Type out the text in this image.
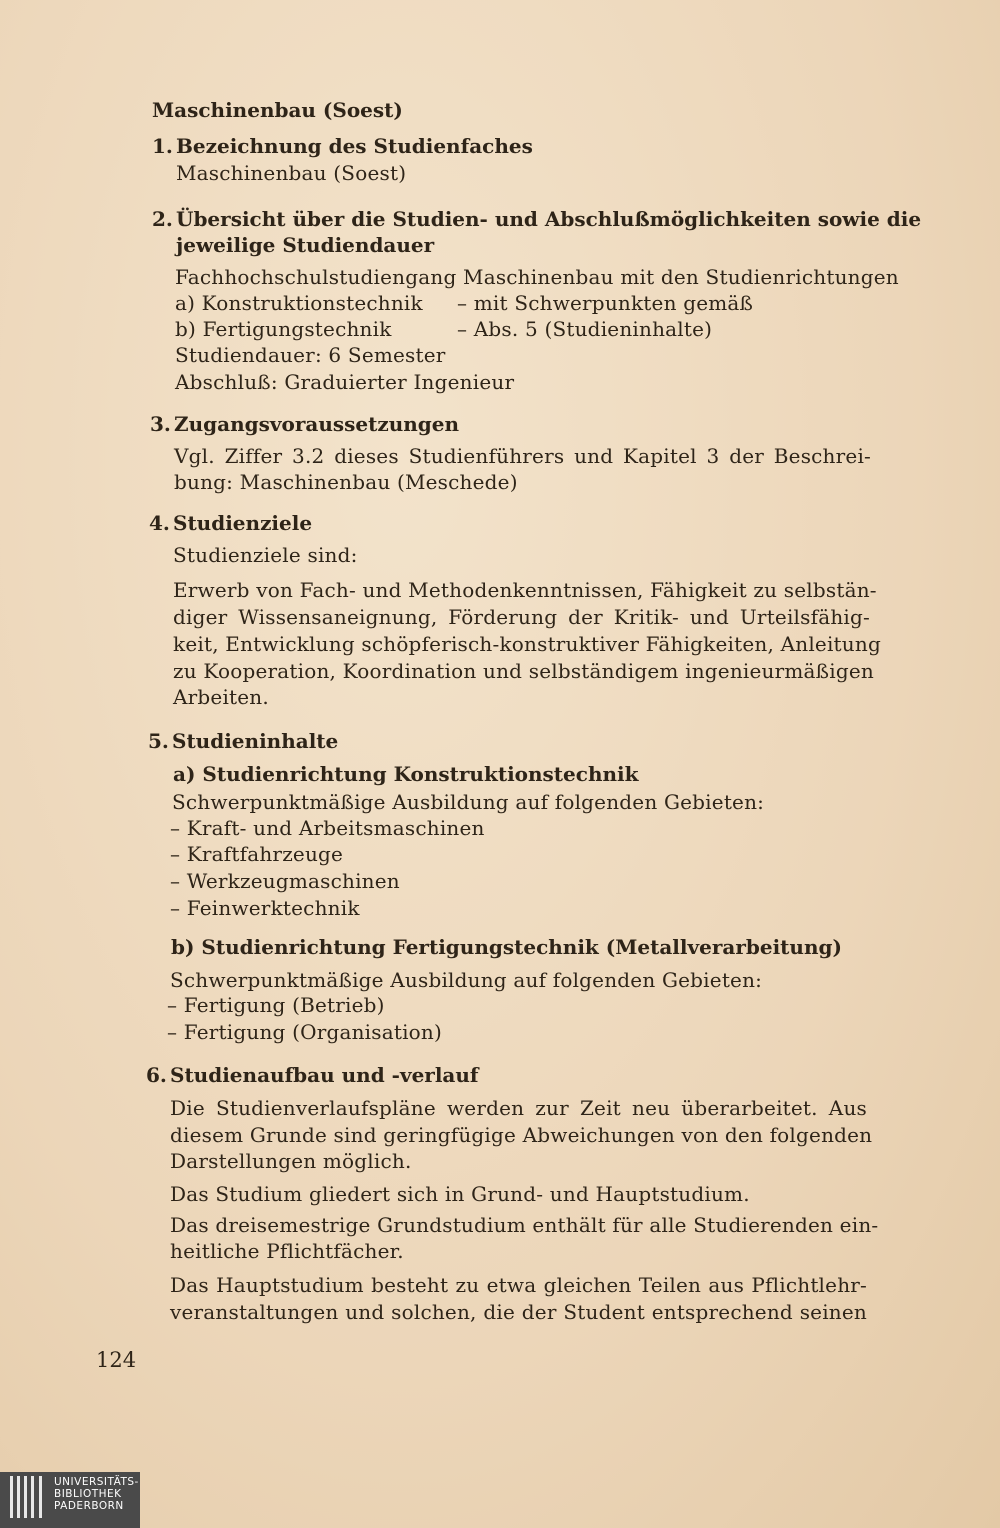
Maschinenbau (Soest)
1. Bezeichnung des Studienfaches
Maschinenbau (Soest)
2. Übersicht über die Studien- und Abschlußmöglichkeiten sowie die
jeweilige Studiendauer
Fachhochschulstudiengang Maschinenbau mit den Studienrichtungen
a) Konstruktionstechnik – mit Schwerpunkten gemäß
b) Fertigungstechnik	– Abs. 5 (Studieninhalte)
Studiendauer: 6 Semester
Abschluß: Graduierter Ingenieur
3. Zugangsvoraussetzungen
Vgl. Ziffer 3.2 dieses Studienführers und Kapitel 3 der Beschrei-
bung: Maschinenbau (Meschede)
4. Studienziele
Studienziele sind:
Erwerb von Fach- und Methodenkenntnissen, Fähigkeit zu selbstän-
diger Wissensaneignung, Förderung der Kritik- und Urteilsfähig-
keit, Entwicklung schöpferisch-konstruktiver Fähigkeiten, Anleitung
zu Kooperation, Koordination und selbständigem ingenieurmäßigen
Arbeiten.
5. Studieninhalte
a) Studienrichtung Konstruktionstechnik
Schwerpunktmäßige Ausbildung auf folgenden Gebieten:
– Kraft- und Arbeitsmaschinen
– Kraftfahrzeuge
– Werkzeugmaschinen
– Feinwerktechnik
b) Studienrichtung Fertigungstechnik (Metallverarbeitung)
Schwerpunktmäßige Ausbildung auf folgenden Gebieten:
– Fertigung (Betrieb)
– Fertigung (Organisation)
6. Studienaufbau und -verlauf
Die Studienverlaufspläne werden zur Zeit neu überarbeitet. Aus
diesem Grunde sind geringfügige Abweichungen von den folgenden
Darstellungen möglich.
Das Studium gliedert sich in Grund- und Hauptstudium.
Das dreisemestrige Grundstudium enthält für alle Studierenden ein-
heitliche Pflichtfächer.
Das Hauptstudium besteht zu etwa gleichen Teilen aus Pflichtlehr-
veranstaltungen und solchen, die der Student entsprechend seinen
124
UNIVERSITÄTS-
BIBLIOTHEK
PADERBORN
